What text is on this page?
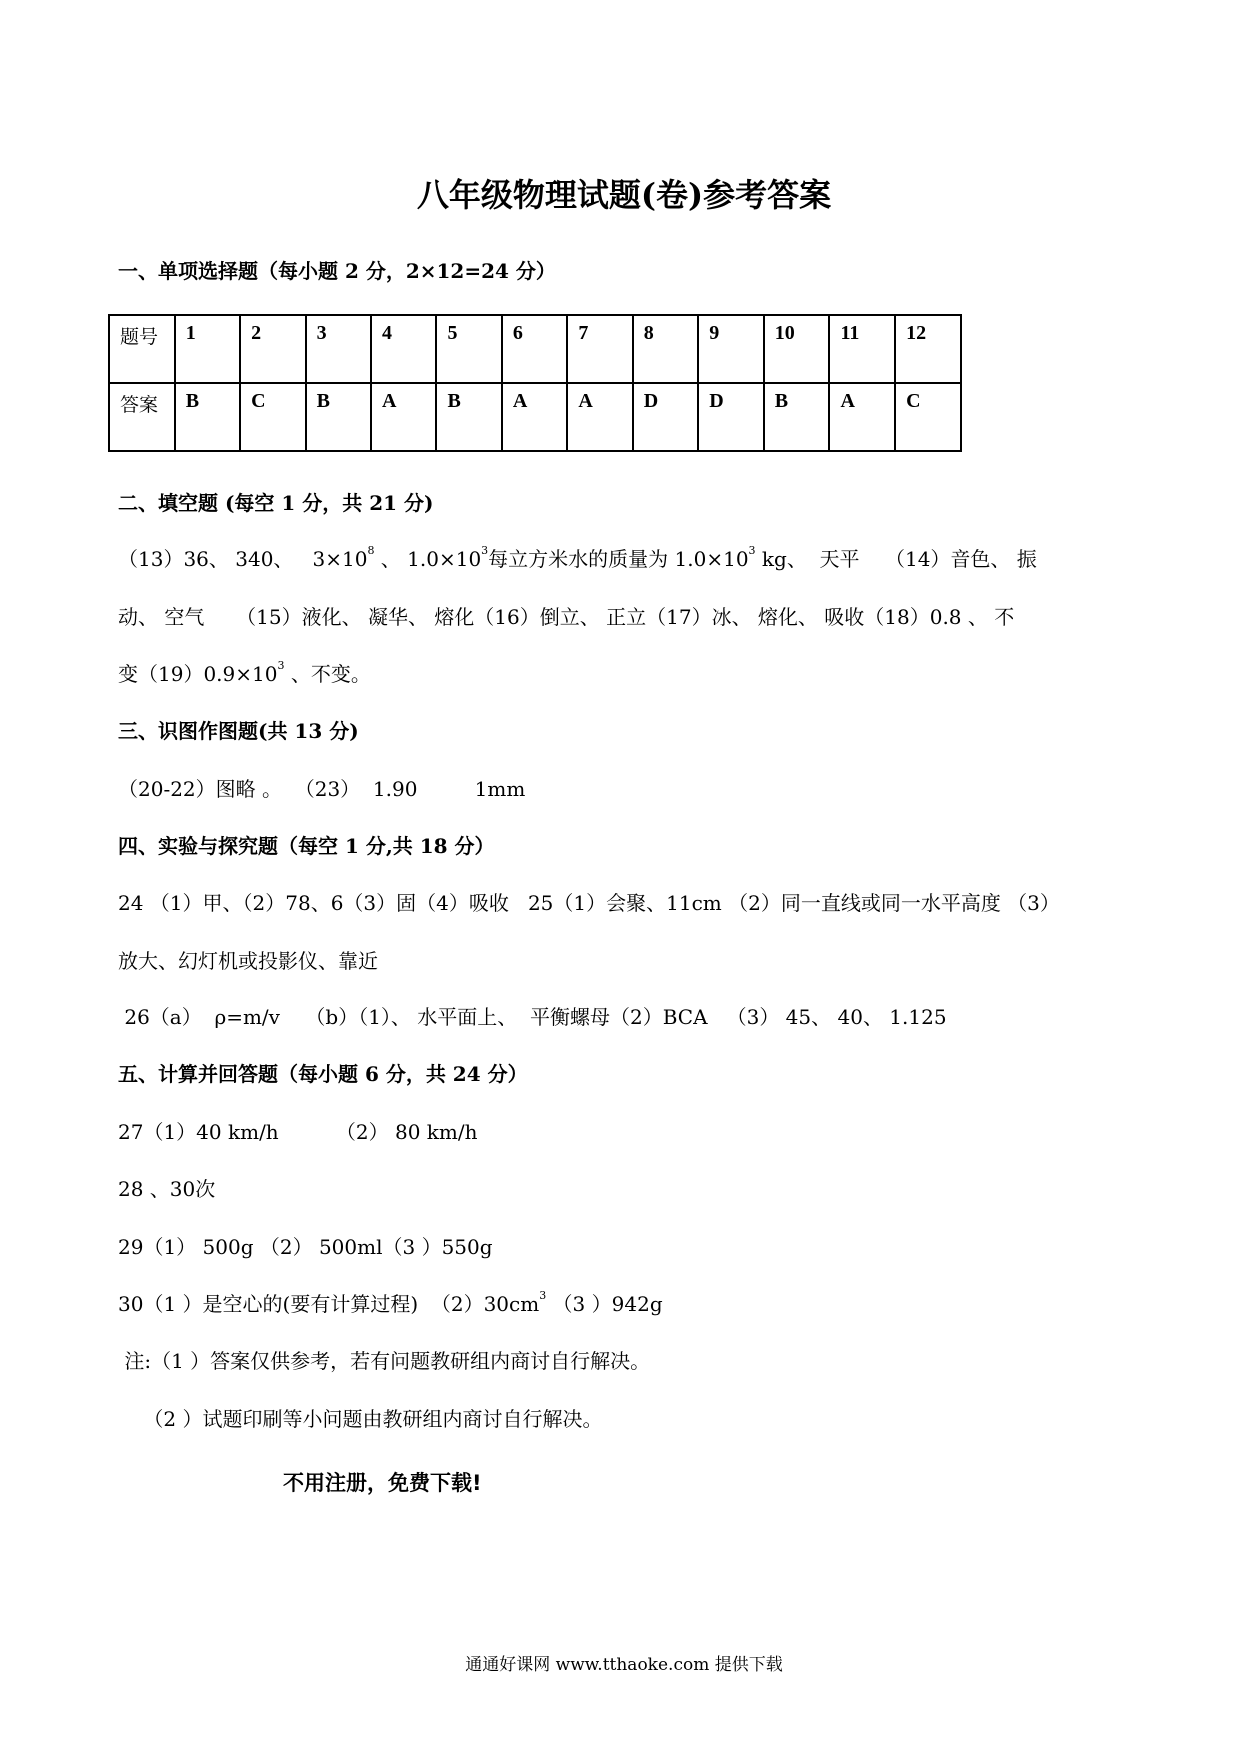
八年级物理试题(卷)参考答案
一、单项选择题（每小题 2 分，2×12=24 分）
题号	1	2	3	4	5	6	7	8	9	10	11	12
答案	B	C	B	A	B	A	A	D	D	B	A	C
二、填空题 (每空 1 分，共 21 分)
（13）36、 340、   $3\times 10^8$ 、 $1.0\times 10^3$每立方米水的质量为 $1.0\times 10^3$ kg、  天平    （14）音色、 振
动、 空气     （15）液化、 凝华、 熔化（16）倒立、 正立（17）冰、 熔化、 吸收（18）0.8 、 不
变$(19)0.9\times 10^3$ 、不变。
三、识图作图题(共 13 分)
（20-22）图略 。  （23）  1.90         1mm
四、实验与探究题（每空 1 分,共 18 分）
24 （1）甲、（2）78、6（3）固（4）吸收   25（1）会聚、11cm （2）同一直线或同一水平高度 （3）
放大、幻灯机或投影仪、靠近
26（a）  ρ=m/v    （b）（1）、 水平面上、  平衡螺母（2）BCA   （3） 45、 40、 1.125
五、计算并回答题（每小题 6 分，共 24 分）
27（1）40 km/h         （2） 80 km/h
28 、30次
29（1） 500g （2） 500ml（3 ）550g
30（1 ）是空心的(要有计算过程)  $(2)30cm^3$ （3 ）942g
注:（1 ）答案仅供参考，若有问题教研组内商讨自行解决。
（2 ）试题印刷等小问题由教研组内商讨自行解决。
不用注册，免费下载!
通通好课网 www.tthaoke.com 提供下载
